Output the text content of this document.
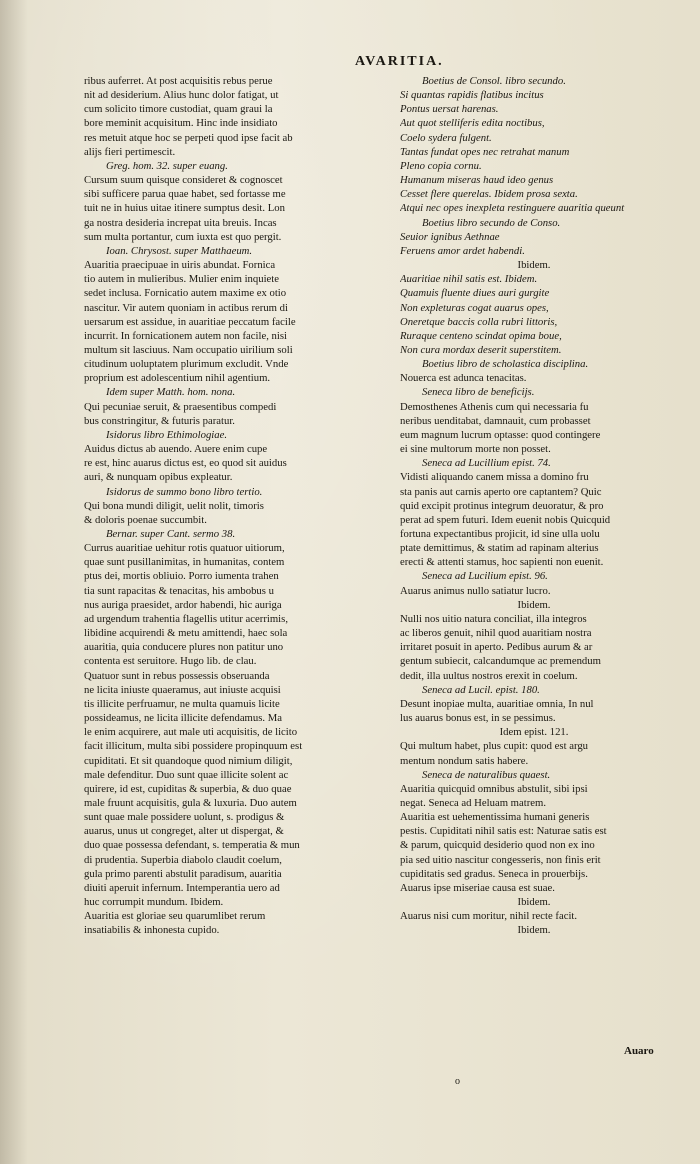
AVARITIA.
ribus auferret. At post acquisitis rebus perue
nit ad desiderium. Alius hunc dolor fatigat, ut
cum solicito timore custodiat, quam graui la
bore meminit acquisitum. Hinc inde insidiato
res metuit atque hoc se perpeti quod ipse facit ab
alijs fieri pertimescit.
Greg. hom. 32. super euang.
Cursum suum quisque consideret & cognoscet
sibi sufficere parua quae habet, sed fortasse me
tuit ne in huius uitae itinere sumptus desit. Lon
ga nostra desideria increpat uita breuis. Incas
sum multa portantur, cum iuxta est quo pergit.
Ioan. Chrysost. super Matthaeum.
Auaritia praecipuae in uiris abundat. Fornica
tio autem in mulieribus. Mulier enim inquiete
sedet inclusa. Fornicatio autem maxime ex otio
nascitur. Vir autem quoniam in actibus rerum di
uersarum est assidue, in auaritiae peccatum facile
incurrit. In fornicationem autem non facile, nisi
multum sit lasciuus. Nam occupatio uirilium soli
citudinum uoluptatem plurimum excludit. Vnde
proprium est adolescentium nihil agentium.
Idem super Matth. hom. nona.
Qui pecuniae seruit, & praesentibus compedi
bus constringitur, & futuris paratur.
Isidorus libro Ethimologiae.
Auidus dictus ab auendo. Auere enim cupe
re est, hinc auarus dictus est, eo quod sit auidus
auri, & nunquam opibus expleatur.
Isidorus de summo bono libro tertio.
Qui bona mundi diligit, uelit nolit, timoris
& doloris poenae succumbit.
Bernar. super Cant. sermo 38.
Currus auaritiae uehitur rotis quatuor uitiorum,
quae sunt pusillanimitas, in humanitas, contem
ptus dei, mortis obliuio. Porro iumenta trahen
tia sunt rapacitas & tenacitas, his ambobus u
nus auriga praesidet, ardor habendi, hic auriga
ad urgendum trahentia flagellis utitur acerrimis,
libidine acquirendi & metu amittendi, haec sola
auaritia, quia conducere plures non patitur uno
contenta est seruitore. Hugo lib. de clau.
Quatuor sunt in rebus possessis obseruanda
ne licita iniuste quaeramus, aut iniuste acquisi
tis illicite perfruamur, ne multa quamuis licite
possideamus, ne licita illicite defendamus. Ma
le enim acquirere, aut male uti acquisitis, de licito
facit illicitum, multa sibi possidere propinquum est
cupiditati. Et sit quandoque quod nimium diligit,
male defenditur. Duo sunt quae illicite solent ac
quirere, id est, cupiditas & superbia, & duo quae
male fruunt acquisitis, gula & luxuria. Duo autem
sunt quae male possidere uolunt, s. prodigus &
auarus, unus ut congreget, alter ut dispergat, &
duo quae possessa defendant, s. temperatia & mun
di prudentia. Superbia diabolo claudit coelum,
gula primo parenti abstulit paradisum, auaritia
diuiti aperuit infernum. Intemperantia uero ad
huc corrumpit mundum. Ibidem.
Auaritia est gloriae seu quarumlibet rerum
insatiabilis & inhonesta cupido.
Boetius de Consol. libro secundo.
Si quantas rapidis flatibus incitus
Pontus uersat harenas.
Aut quot stelliferis edita noctibus,
Coelo sydera fulgent.
Tantas fundat opes nec retrahat manum
Pleno copia cornu.
Humanum miseras haud ideo genus
Cesset flere querelas. Ibidem prosa sexta.
Atqui nec opes inexpleta restinguere auaritia queunt
Boetius libro secundo de Conso.
Seuior ignibus Aethnae
Feruens amor ardet habendi.
Ibidem.
Auaritiae nihil satis est. Ibidem.
Quamuis fluente diues auri gurgite
Non expleturas cogat auarus opes,
Oneretque baccis colla rubri littoris,
Ruraque centeno scindat opima boue,
Non cura mordax deserit superstitem.
Boetius libro de scholastica disciplina.
Nouerca est adunca tenacitas.
Seneca libro de beneficijs.
Demosthenes Athenis cum qui necessaria fu
neribus uenditabat, damnauit, cum probasset
eum magnum lucrum optasse: quod contingere
ei sine multorum morte non posset.
Seneca ad Lucillium epist. 74.
Vidisti aliquando canem missa a domino fru
sta panis aut carnis aperto ore captantem? Quic
quid excipit protinus integrum deuoratur, & pro
perat ad spem futuri. Idem euenit nobis Quicquid
fortuna expectantibus projicit, id sine ulla uolu
ptate demittimus, & statim ad rapinam alterius
erecti & attenti stamus, hoc sapienti non euenit.
Seneca ad Lucilium epist. 96.
Auarus animus nullo satiatur lucro.
Ibidem.
Nulli nos uitio natura conciliat, illa integros
ac liberos genuit, nihil quod auaritiam nostra
irritaret posuit in aperto. Pedibus aurum & ar
gentum subiecit, calcandumque ac premendum
dedit, illa uultus nostros erexit in coelum.
Seneca ad Lucil. epist. 180.
Desunt inopiae multa, auaritiae omnia, In nul
lus auarus bonus est, in se pessimus.
Idem epist. 121.
Qui multum habet, plus cupit: quod est argu
mentum nondum satis habere.
Seneca de naturalibus quaest.
Auaritia quicquid omnibus abstulit, sibi ipsi
negat. Seneca ad Heluam matrem.
Auaritia est uehementissima humani generis
pestis. Cupiditati nihil satis est: Naturae satis est
& parum, quicquid desiderio quod non ex ino
pia sed uitio nascitur congesseris, non finis erit
cupiditatis sed gradus. Seneca in prouerbijs.
Auarus ipse miseriae causa est suae.
Ibidem.
Auarus nisi cum moritur, nihil recte facit.
Ibidem.
Auaro
o
